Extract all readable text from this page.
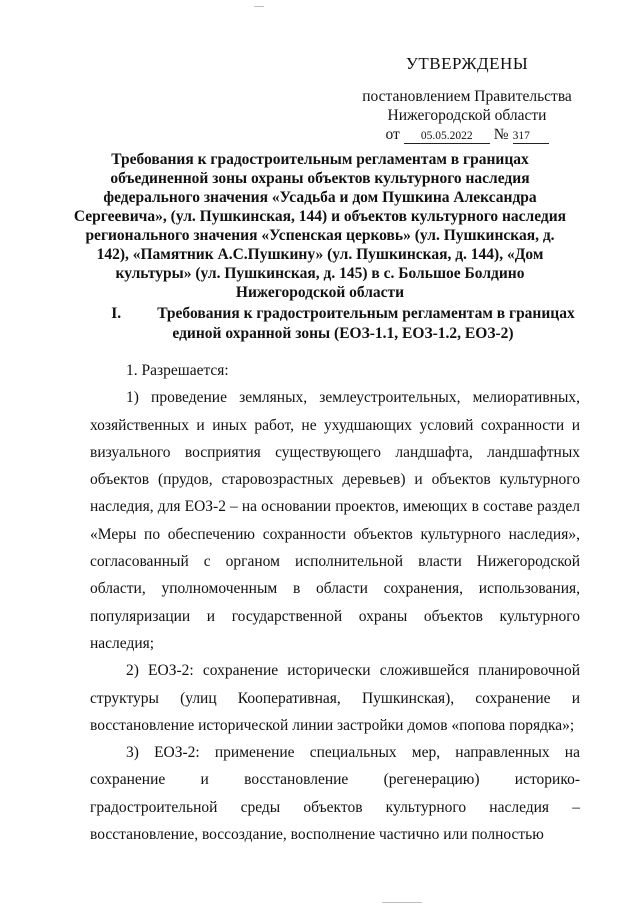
УТВЕРЖДЕНЫ
постановлением Правительства
Нижегородской области
от	05.05.2022	№ 317
Требования к градостроительным регламентам в границах объединенной зоны охраны объектов культурного наследия федерального значения «Усадьба и дом Пушкина Александра Сергеевича», (ул. Пушкинская, 144) и объектов культурного наследия регионального значения «Успенская церковь» (ул. Пушкинская, д. 142), «Памятник А.С.Пушкину» (ул. Пушкинская, д. 144), «Дом культуры» (ул. Пушкинская, д. 145) в с. Большое Болдино Нижегородской области
I. Требования к градостроительным регламентам в границах единой охранной зоны (ЕОЗ-1.1, ЕОЗ-1.2, ЕОЗ-2)

1. Разрешается:

1) проведение земляных, землеустроительных, мелиоративных, хозяйственных и иных работ, не ухудшающих условий сохранности и визуального восприятия существующего ландшафта, ландшафтных объектов (прудов, старовозрастных деревьев) и объектов культурного наследия, для ЕОЗ-2 – на основании проектов, имеющих в составе раздел «Меры по обеспечению сохранности объектов культурного наследия», согласованный с органом исполнительной власти Нижегородской области, уполномоченным в области сохранения, использования, популяризации и государственной охраны объектов культурного наследия;

2) ЕОЗ-2: сохранение исторически сложившейся планировочной структуры (улиц Кооперативная, Пушкинская), сохранение и восстановление исторической линии застройки домов «попова порядка»;

3) ЕОЗ-2: применение специальных мер, направленных на сохранение и восстановление (регенерацию) историко-градостроительной среды объектов культурного наследия – восстановление, воссоздание, восполнение частично или полностью
